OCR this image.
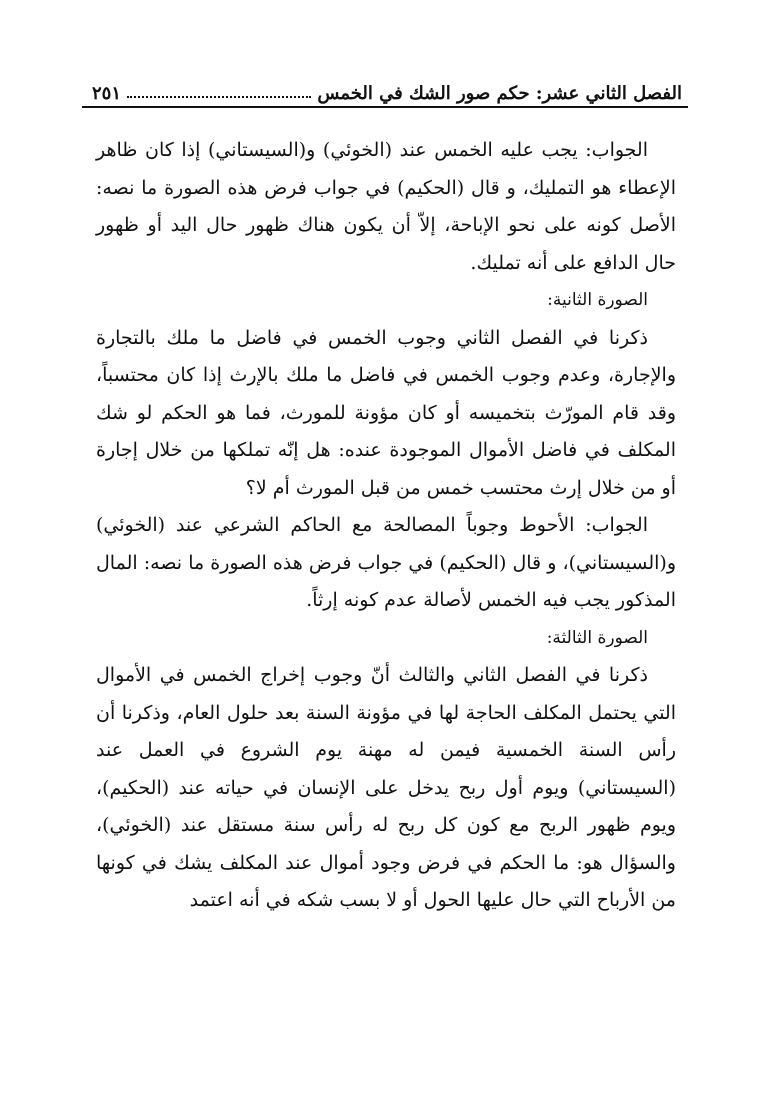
الفصل الثاني عشر: حكم صور الشك في الخمس
٢٥١

الجواب: يجب عليه الخمس عند (الخوئي) و(السيستاني) إذا كان ظاهر الإعطاء هو التمليك، و قال (الحكيم) في جواب فرض هذه الصورة ما نصه: الأصل كونه على نحو الإباحة، إلاّ أن يكون هناك ظهور حال اليد أو ظهور حال الدافع على أنه تمليك.

الصورة الثانية:

ذكرنا في الفصل الثاني وجوب الخمس في فاضل ما ملك بالتجارة والإجارة، وعدم وجوب الخمس في فاضل ما ملك بالإرث إذا كان محتسباً، وقد قام المورّث بتخميسه أو كان مؤونة للمورث، فما هو الحكم لو شك المكلف في فاضل الأموال الموجودة عنده: هل إنّه تملكها من خلال إجارة أو من خلال إرث محتسب خمس من قبل المورث أم لا؟

الجواب: الأحوط وجوباً المصالحة مع الحاكم الشرعي عند (الخوئي) و(السيستاني)، و قال (الحكيم) في جواب فرض هذه الصورة ما نصه: المال المذكور يجب فيه الخمس لأصالة عدم كونه إرثاً.

الصورة الثالثة:

ذكرنا في الفصل الثاني والثالث أنّ وجوب إخراج الخمس في الأموال التي يحتمل المكلف الحاجة لها في مؤونة السنة بعد حلول العام، وذكرنا أن رأس السنة الخمسية فيمن له مهنة يوم الشروع في العمل عند (السيستاني) ويوم أول ربح يدخل على الإنسان في حياته عند (الحكيم)، ويوم ظهور الربح مع كون كل ربح له رأس سنة مستقل عند (الخوئي)، والسؤال هو: ما الحكم في فرض وجود أموال عند المكلف يشك في كونها من الأرباح التي حال عليها الحول أو لا بسب شكه في أنه اعتمد
